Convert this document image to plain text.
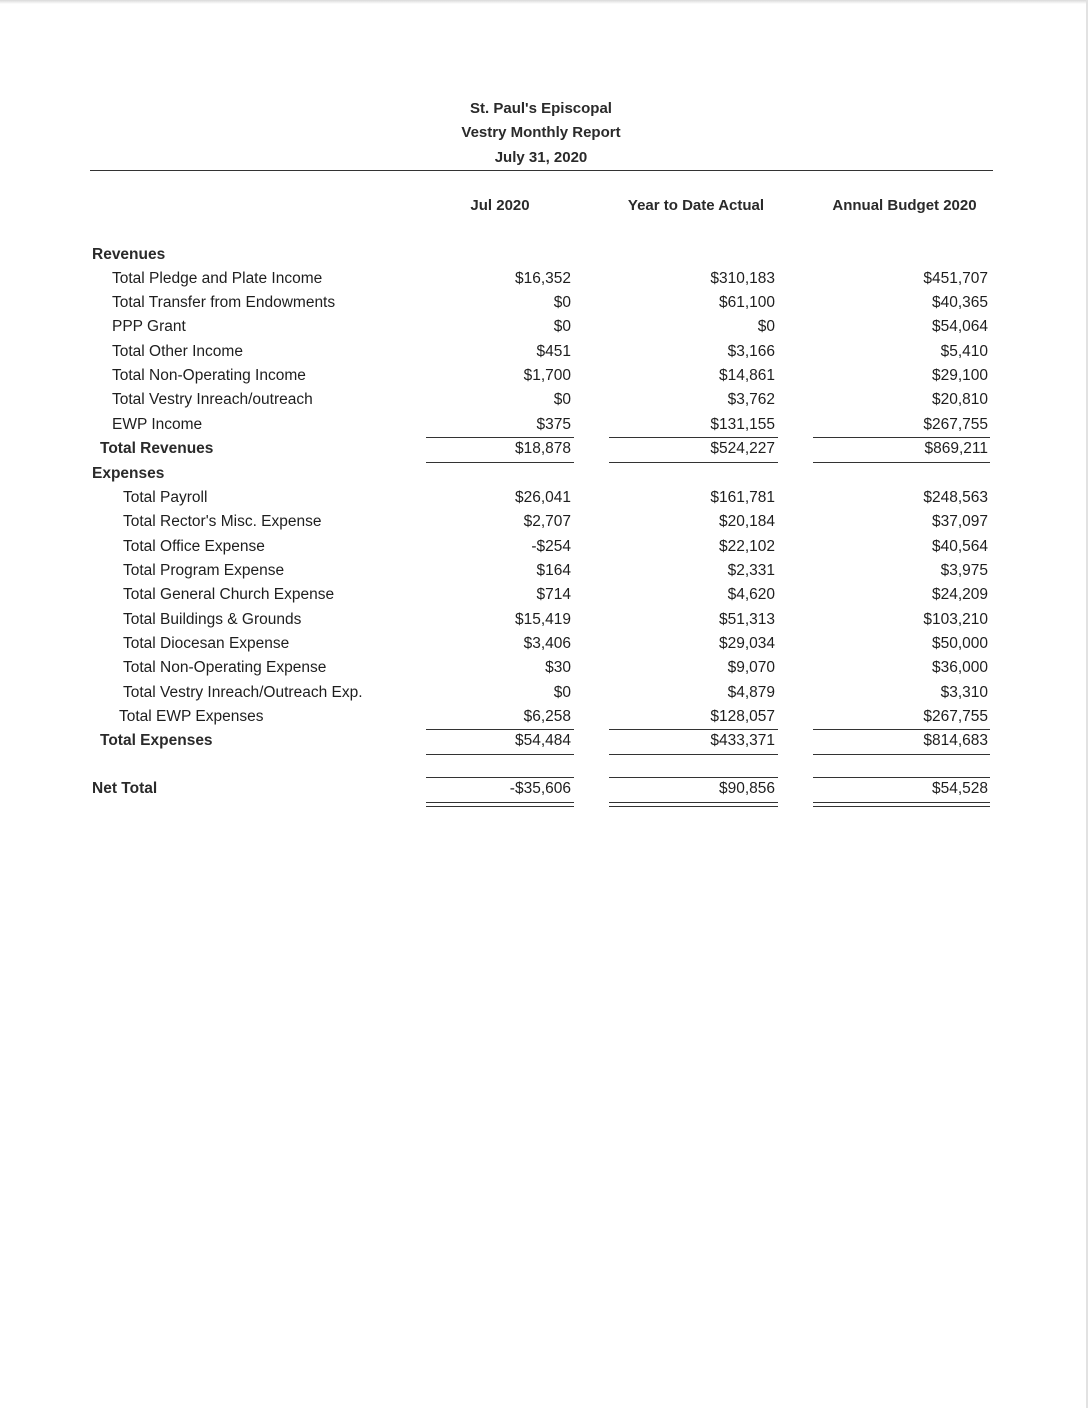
St. Paul's Episcopal
Vestry Monthly Report
July 31, 2020
Jul 2020	Year to Date Actual	Annual Budget 2020
Revenues
Total Pledge and Plate Income	$16,352	$310,183	$451,707
Total Transfer from Endowments	$0	$61,100	$40,365
PPP Grant	$0	$0	$54,064
Total Other Income	$451	$3,166	$5,410
Total Non-Operating Income	$1,700	$14,861	$29,100
Total Vestry Inreach/outreach	$0	$3,762	$20,810
EWP Income	$375	$131,155	$267,755
Total Revenues	$18,878	$524,227	$869,211
Expenses
Total Payroll	$26,041	$161,781	$248,563
Total Rector's Misc. Expense	$2,707	$20,184	$37,097
Total Office Expense	-$254	$22,102	$40,564
Total Program Expense	$164	$2,331	$3,975
Total General Church Expense	$714	$4,620	$24,209
Total Buildings & Grounds	$15,419	$51,313	$103,210
Total Diocesan Expense	$3,406	$29,034	$50,000
Total Non-Operating Expense	$30	$9,070	$36,000
Total Vestry Inreach/Outreach Exp.	$0	$4,879	$3,310
Total EWP Expenses	$6,258	$128,057	$267,755
Total Expenses	$54,484	$433,371	$814,683
Net Total	-$35,606	$90,856	$54,528
